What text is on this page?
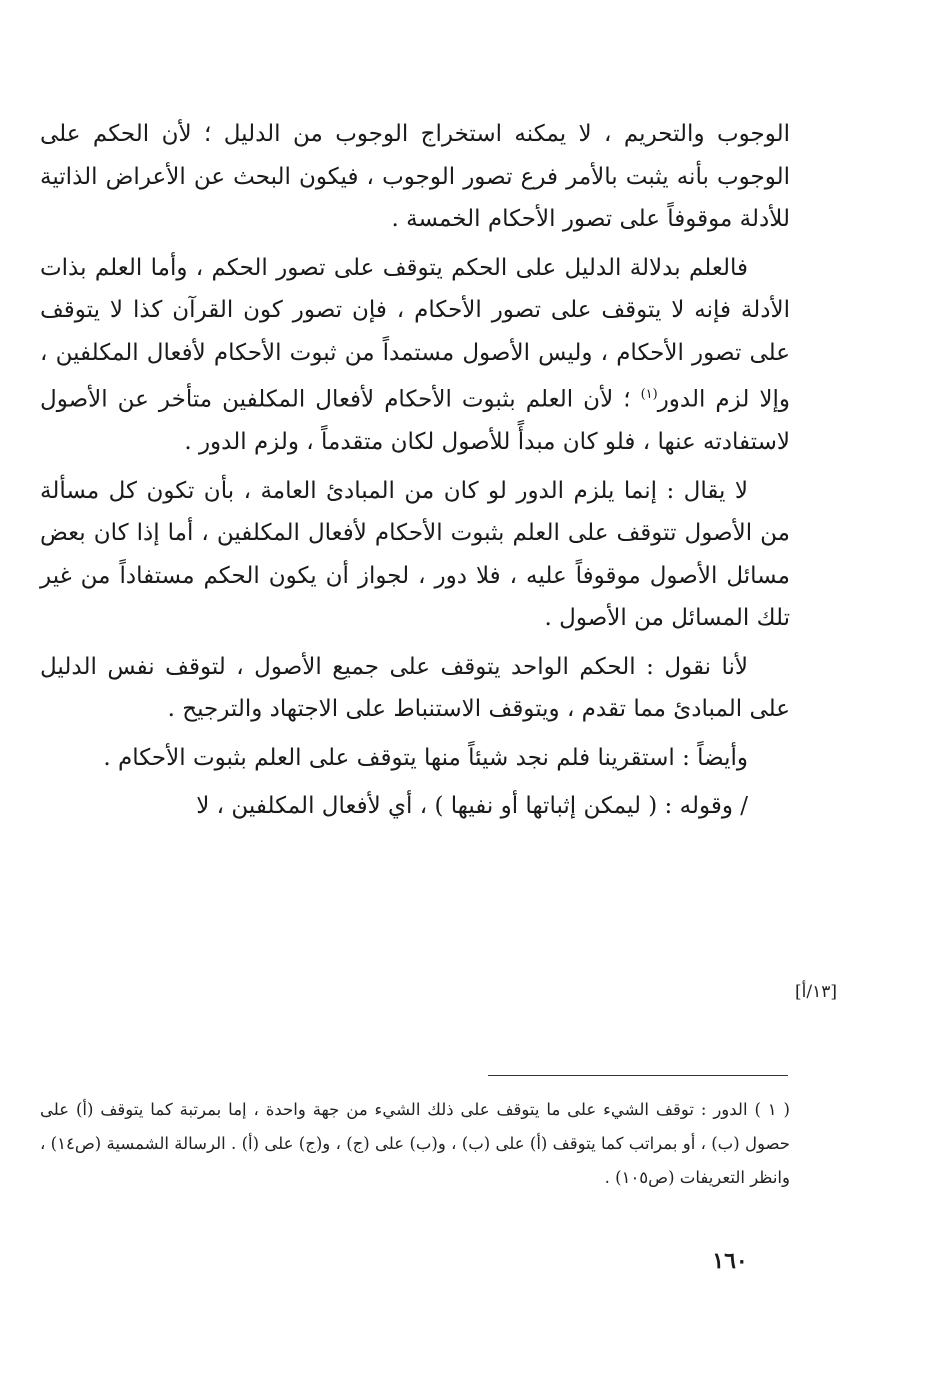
الوجوب والتحريم ، لا يمكنه استخراج الوجوب من الدليل ؛ لأن الحكم على الوجوب بأنه يثبت بالأمر فرع تصور الوجوب ، فيكون البحث عن الأعراض الذاتية للأدلة موقوفاً على تصور الأحكام الخمسة .

فالعلم بدلالة الدليل على الحكم يتوقف على تصور الحكم ، وأما العلم بذات الأدلة فإنه لا يتوقف على تصور الأحكام ، فإن تصور كون القرآن كذا لا يتوقف على تصور الأحكام ، وليس الأصول مستمداً من ثبوت الأحكام لأفعال المكلفين ، وإلا لزم الدور$^{(١)}$ ؛ لأن العلم بثبوت الأحكام لأفعال المكلفين متأخر عن الأصول لاستفادته عنها ، فلو كان مبدأً للأصول لكان متقدماً ، ولزم الدور .

لا يقال : إنما يلزم الدور لو كان من المبادئ العامة ، بأن تكون كل مسألة من الأصول تتوقف على العلم بثبوت الأحكام لأفعال المكلفين ، أما إذا كان بعض مسائل الأصول موقوفاً عليه ، فلا دور ، لجواز أن يكون الحكم مستفاداً من غير تلك المسائل من الأصول .

لأنا نقول : الحكم الواحد يتوقف على جميع الأصول ، لتوقف نفس الدليل على المبادئ مما تقدم ، ويتوقف الاستنباط على الاجتهاد والترجيح .

وأيضاً : استقرينا فلم نجد شيئاً منها يتوقف على العلم بثبوت الأحكام .

/ وقوله : ( ليمكن إثباتها أو نفيها ) ، أي لأفعال المكلفين ، لا

[١٣/أ]

( ١ ) الدور : توقف الشيء على ما يتوقف على ذلك الشيء من جهة واحدة ، إما بمرتبة كما يتوقف (أ) على حصول (ب) ، أو بمراتب كما يتوقف (أ) على (ب) ، و(ب) على (ج) ، و(ج) على (أ) . الرسالة الشمسية (ص١٤) ، وانظر التعريفات (ص١٠٥) .

١٦٠
